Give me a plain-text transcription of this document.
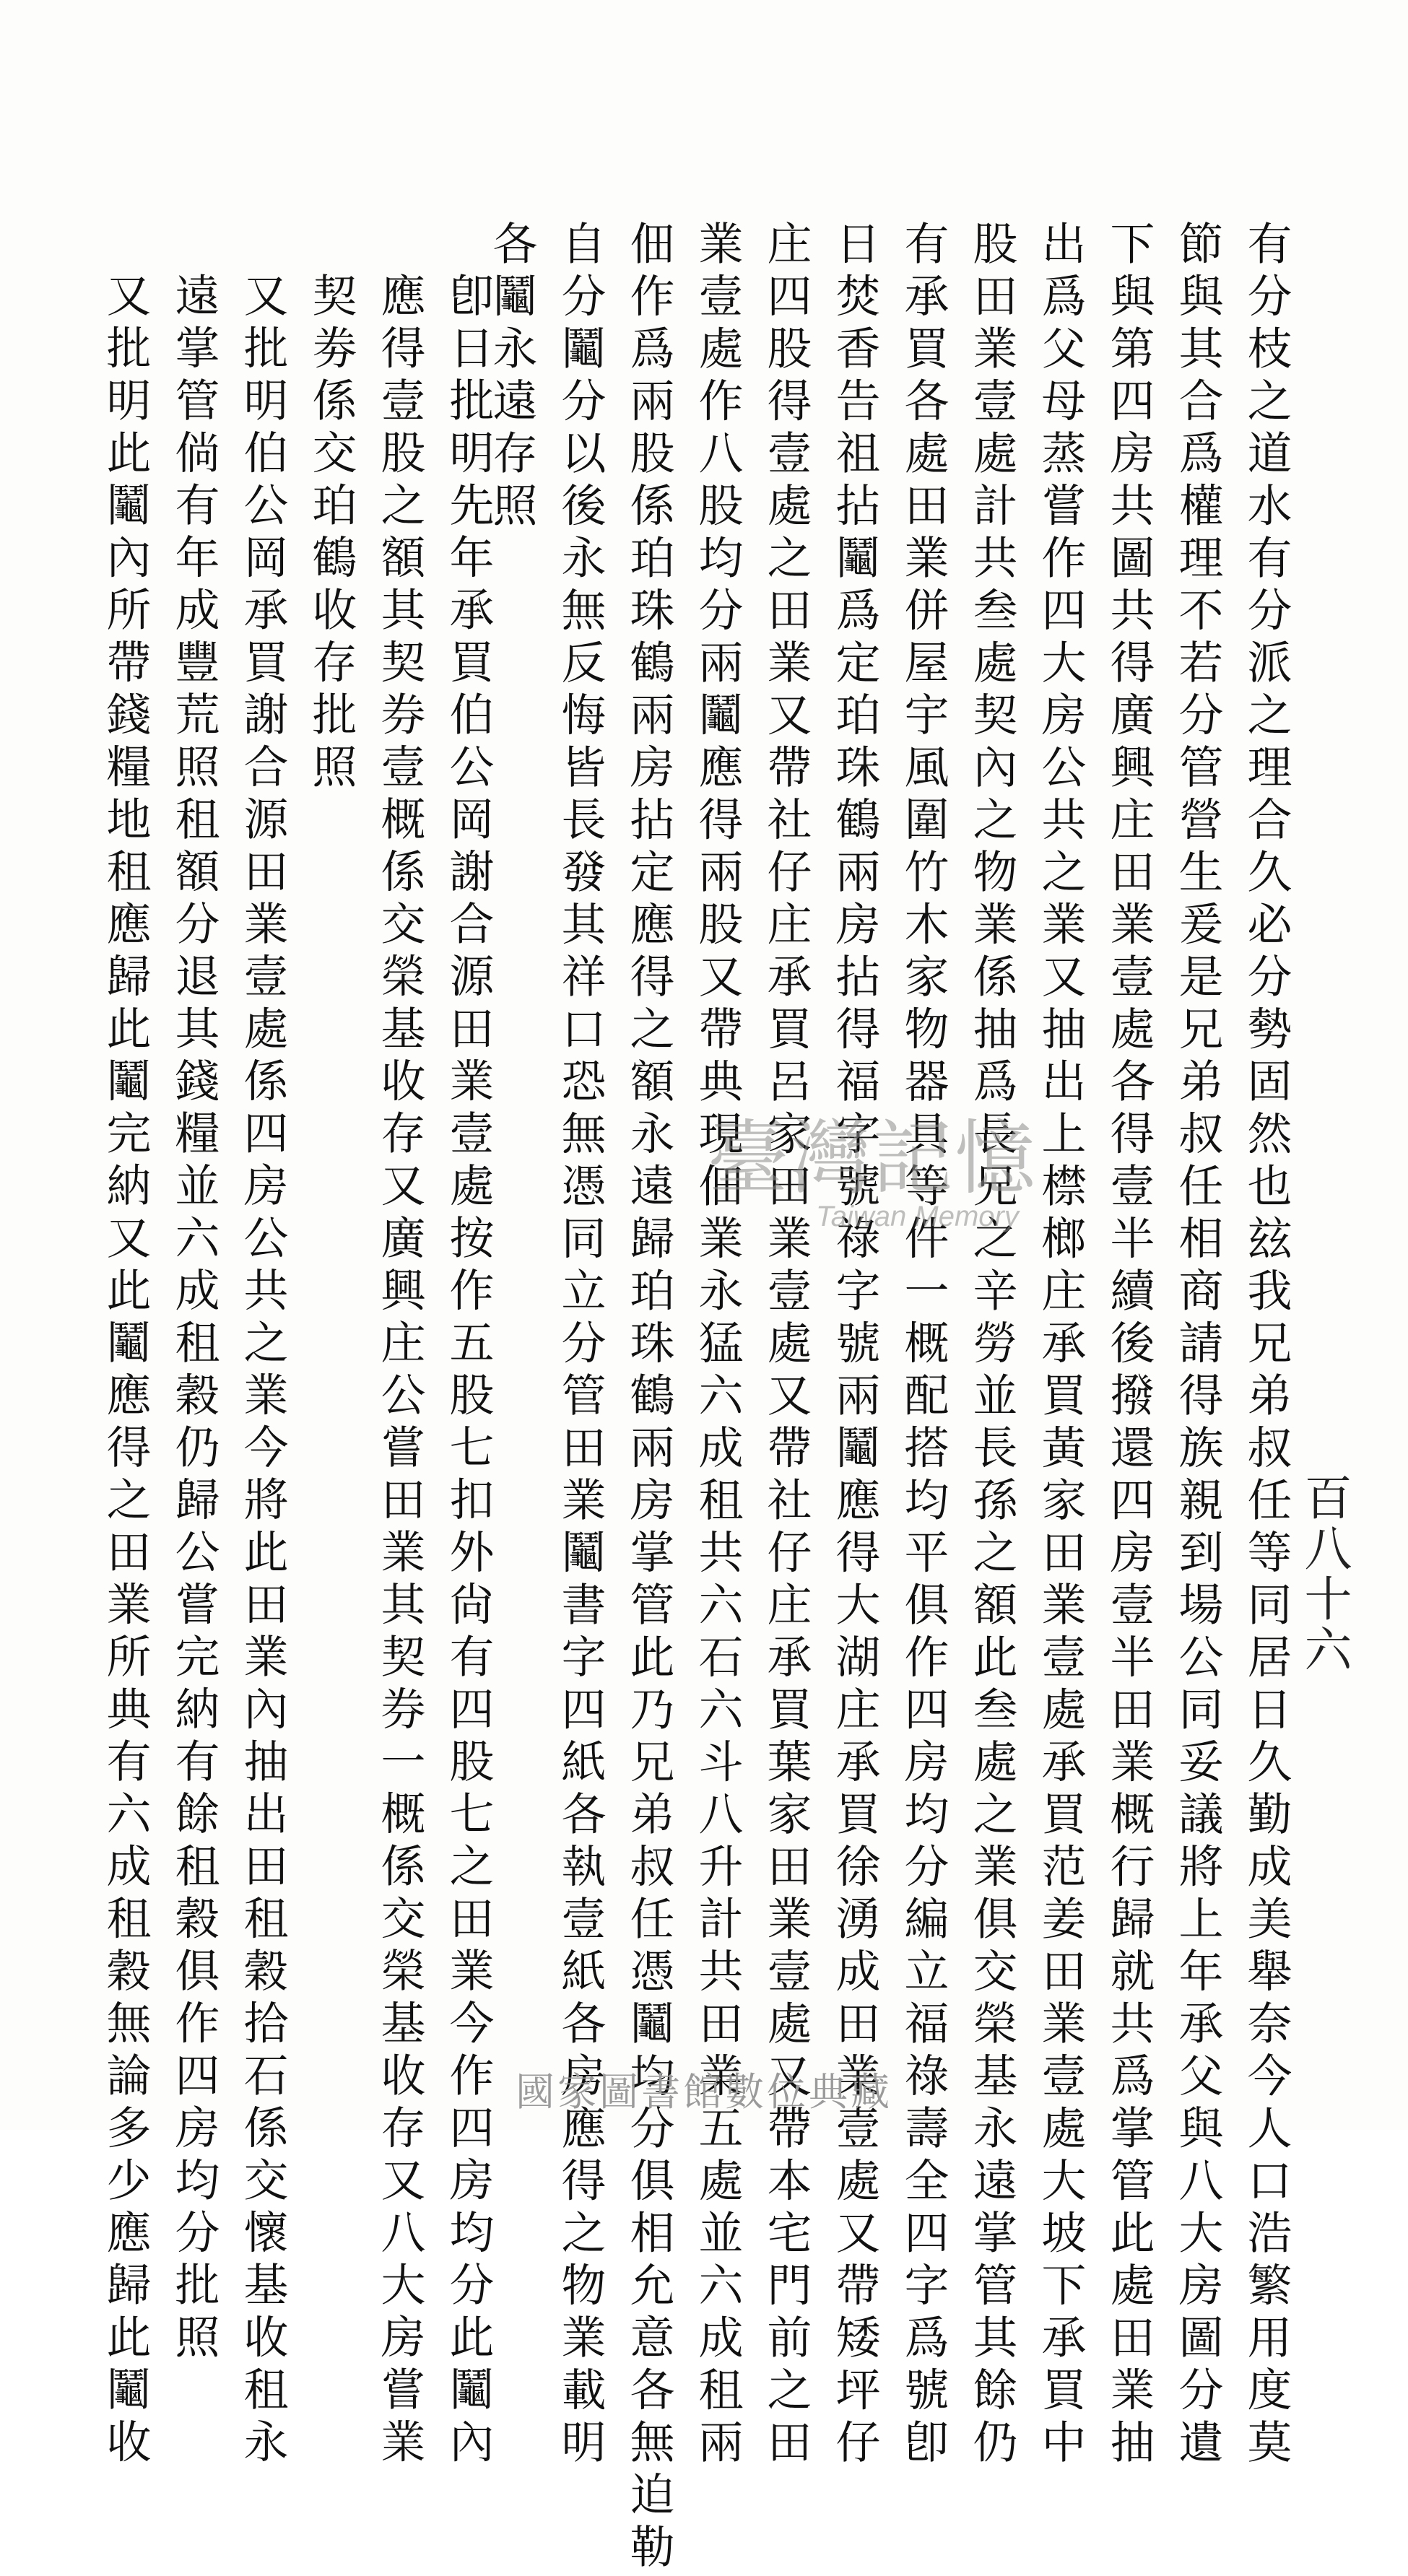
百八十六
有分枝之道水有分派之理合久必分勢固然也玆我兄弟叔任等同居日久勤成美舉奈今人口浩繁用度莫
節與其合爲權理不若分管營生爰是兄弟叔任相商請得族親到場公同妥議將上年承父與八大房圖分遺
下與第四房共圖共得廣興庄田業壹處各得壹半續後撥還四房壹半田業概行歸就共爲掌管此處田業抽
出爲父母蒸嘗作四大房公共之業又抽出上㯲榔庄承買黃家田業壹處承買范姜田業壹處大坡下承買中
股田業壹處計共叁處契內之物業係抽爲長兄之辛勞並長孫之額此叁處之業俱交榮基永遠掌管其餘仍
有承買各處田業併屋宇風圍竹木家物器具等件一概配搭均平俱作四房均分編立福祿壽全四字爲號卽
日焚香告祖拈鬮爲定珀珠鶴兩房拈得福字號祿字號兩鬮應得大湖庄承買徐湧成田業壹處又帶矮坪仔
庄四股得壹處之田業又帶社仔庄承買呂家田業壹處又帶社仔庄承買葉家田業壹處又帶本宅門前之田
業壹處作八股均分兩鬮應得兩股又帶典現佃業永猛六成租共六石六斗八升計共田業五處並六成租兩
佃作爲兩股係珀珠鶴兩房拈定應得之額永遠歸珀珠鶴兩房掌管此乃兄弟叔任憑鬮均分俱相允意各無迫勒
自分鬮分以後永無反悔皆長發其祥口恐無憑同立分管田業鬮書字四紙各執壹紙各房應得之物業載明
各鬮永遠存照
卽日批明先年承買伯公岡謝合源田業壹處按作五股七扣外尙有四股七之田業今作四房均分此鬮內
應得壹股之額其契券壹概係交榮基收存又廣興庄公嘗田業其契券一概係交榮基收存又八大房嘗業
契劵係交珀鶴收存批照
又批明伯公岡承買謝合源田業壹處係四房公共之業今將此田業內抽出田租穀拾石係交懷基收租永
遠掌管倘有年成豐荒照租額分退其錢糧並六成租穀仍歸公嘗完納有餘租穀俱作四房均分批照
又批明此鬮內所帶錢糧地租應歸此鬮完納又此鬮應得之田業所典有六成租穀無論多少應歸此鬮收	臺灣記憶
Taiwan Memory
國家圖書館數位典藏
